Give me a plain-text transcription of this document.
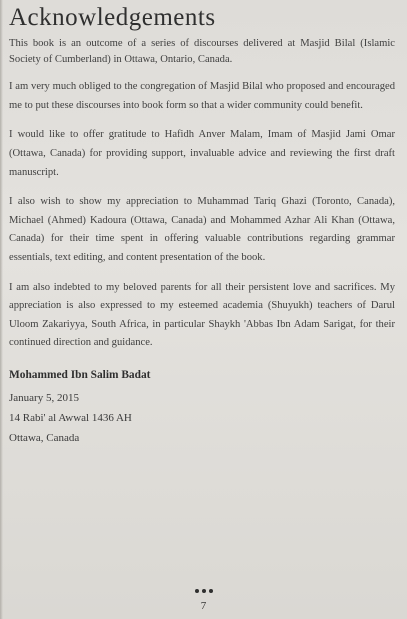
Acknowledgements

This book is an outcome of a series of discourses delivered at Masjid Bilal (Islamic Society of Cumberland) in Ottawa, Ontario, Canada.

I am very much obliged to the congregation of Masjid Bilal who proposed and encouraged me to put these discourses into book form so that a wider community could benefit.

I would like to offer gratitude to Hafidh Anver Malam, Imam of Masjid Jami Omar (Ottawa, Canada) for providing support, invaluable advice and reviewing the first draft manuscript.

I also wish to show my appreciation to Muhammad Tariq Ghazi (Toronto, Canada), Michael (Ahmed) Kadoura (Ottawa, Canada) and Mohammed Azhar Ali Khan (Ottawa, Canada) for their time spent in offering valuable contributions regarding grammar essentials, text editing, and content presentation of the book.

I am also indebted to my beloved parents for all their persistent love and sacrifices. My appreciation is also expressed to my esteemed academia (Shuyukh) teachers of Darul Uloom Zakariyya, South Africa, in particular Shaykh 'Abbas Ibn Adam Sarigat, for their continued direction and guidance.

Mohammed Ibn Salim Badat
January 5, 2015
14 Rabi' al Awwal 1436 AH
Ottawa, Canada
7
